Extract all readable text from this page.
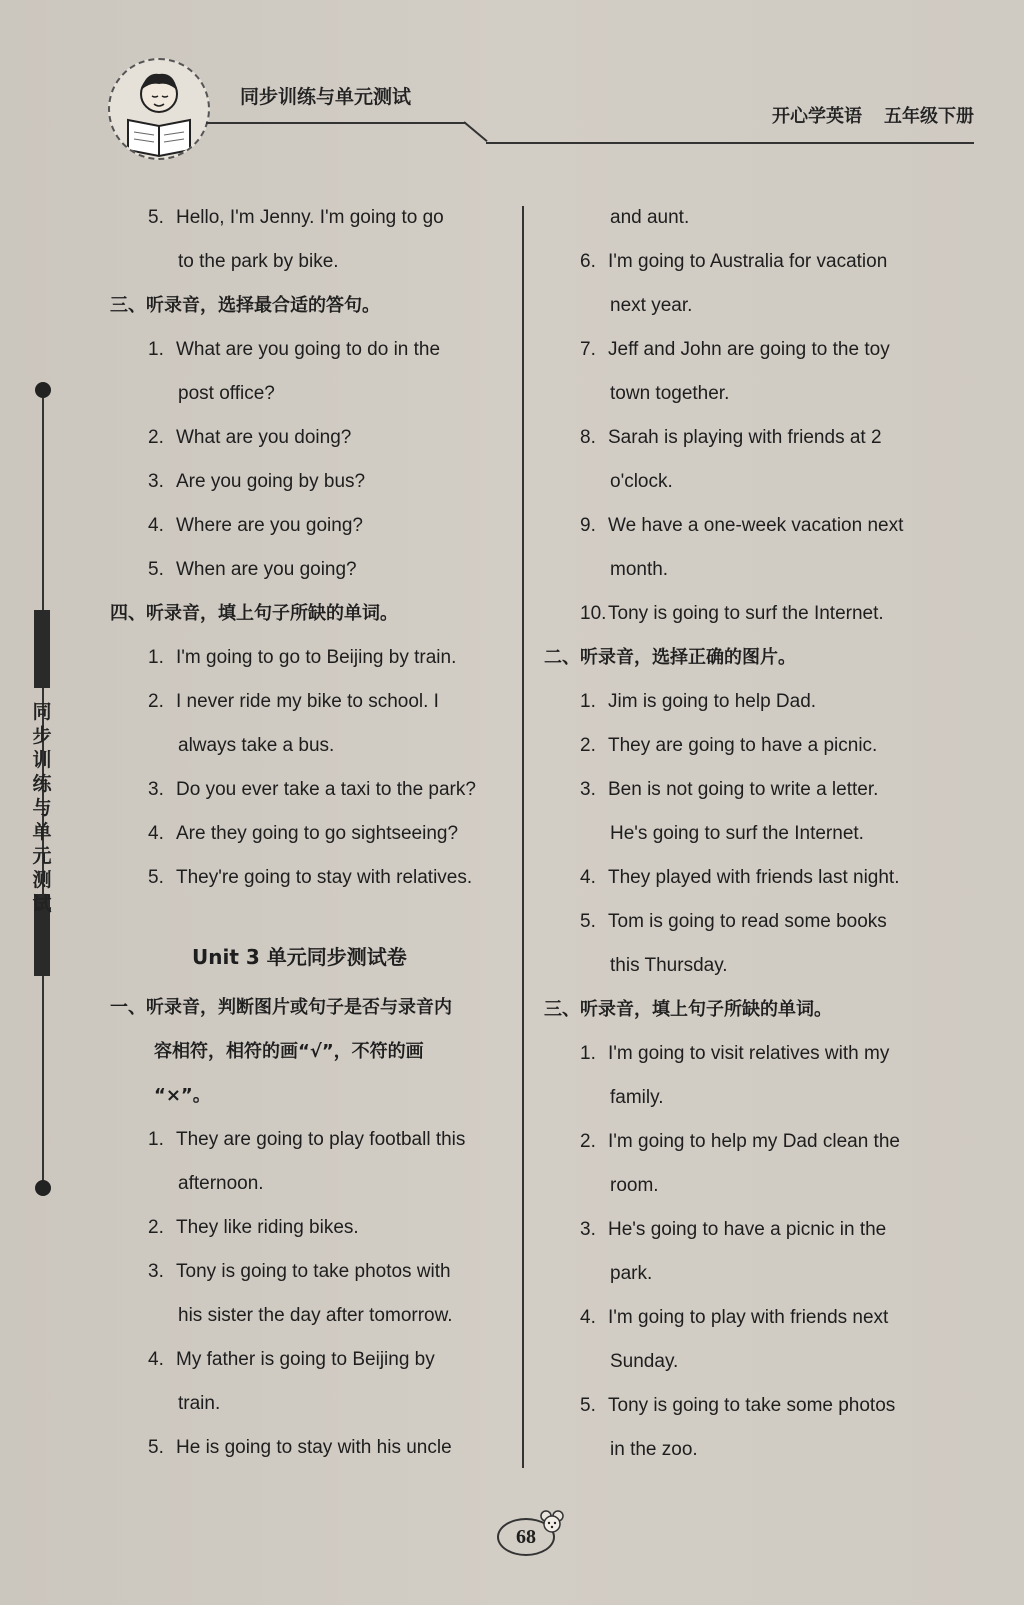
同步训练与单元测试
开心学英语 五年级下册
同步训练与单元测试
5. Hello, I'm Jenny. I'm going to go
to the park by bike.
三、听录音，选择最合适的答句。
1. What are you going to do in the
post office?
2. What are you doing?
3. Are you going by bus?
4. Where are you going?
5. When are you going?
四、听录音，填上句子所缺的单词。
1. I'm going to go to Beijing by train.
2. I never ride my bike to school. I
always take a bus.
3. Do you ever take a taxi to the park?
4. Are they going to go sightseeing?
5. They're going to stay with relatives.
Unit 3 单元同步测试卷
一、听录音，判断图片或句子是否与录音内
容相符，相符的画“√”，不符的画
“×”。
1. They are going to play football this
afternoon.
2. They like riding bikes.
3. Tony is going to take photos with
his sister the day after tomorrow.
4. My father is going to Beijing by
train.
5. He is going to stay with his uncle
and aunt.
6. I'm going to Australia for vacation
next year.
7. Jeff and John are going to the toy
town together.
8. Sarah is playing with friends at 2
o'clock.
9. We have a one-week vacation next
month.
10.Tony is going to surf the Internet.
二、听录音，选择正确的图片。
1. Jim is going to help Dad.
2. They are going to have a picnic.
3. Ben is not going to write a letter.
He's going to surf the Internet.
4. They played with friends last night.
5. Tom is going to read some books
this Thursday.
三、听录音，填上句子所缺的单词。
1. I'm going to visit relatives with my
family.
2. I'm going to help my Dad clean the
room.
3. He's going to have a picnic in the
park.
4. I'm going to play with friends next
Sunday.
5. Tony is going to take some photos
in the zoo.
68
